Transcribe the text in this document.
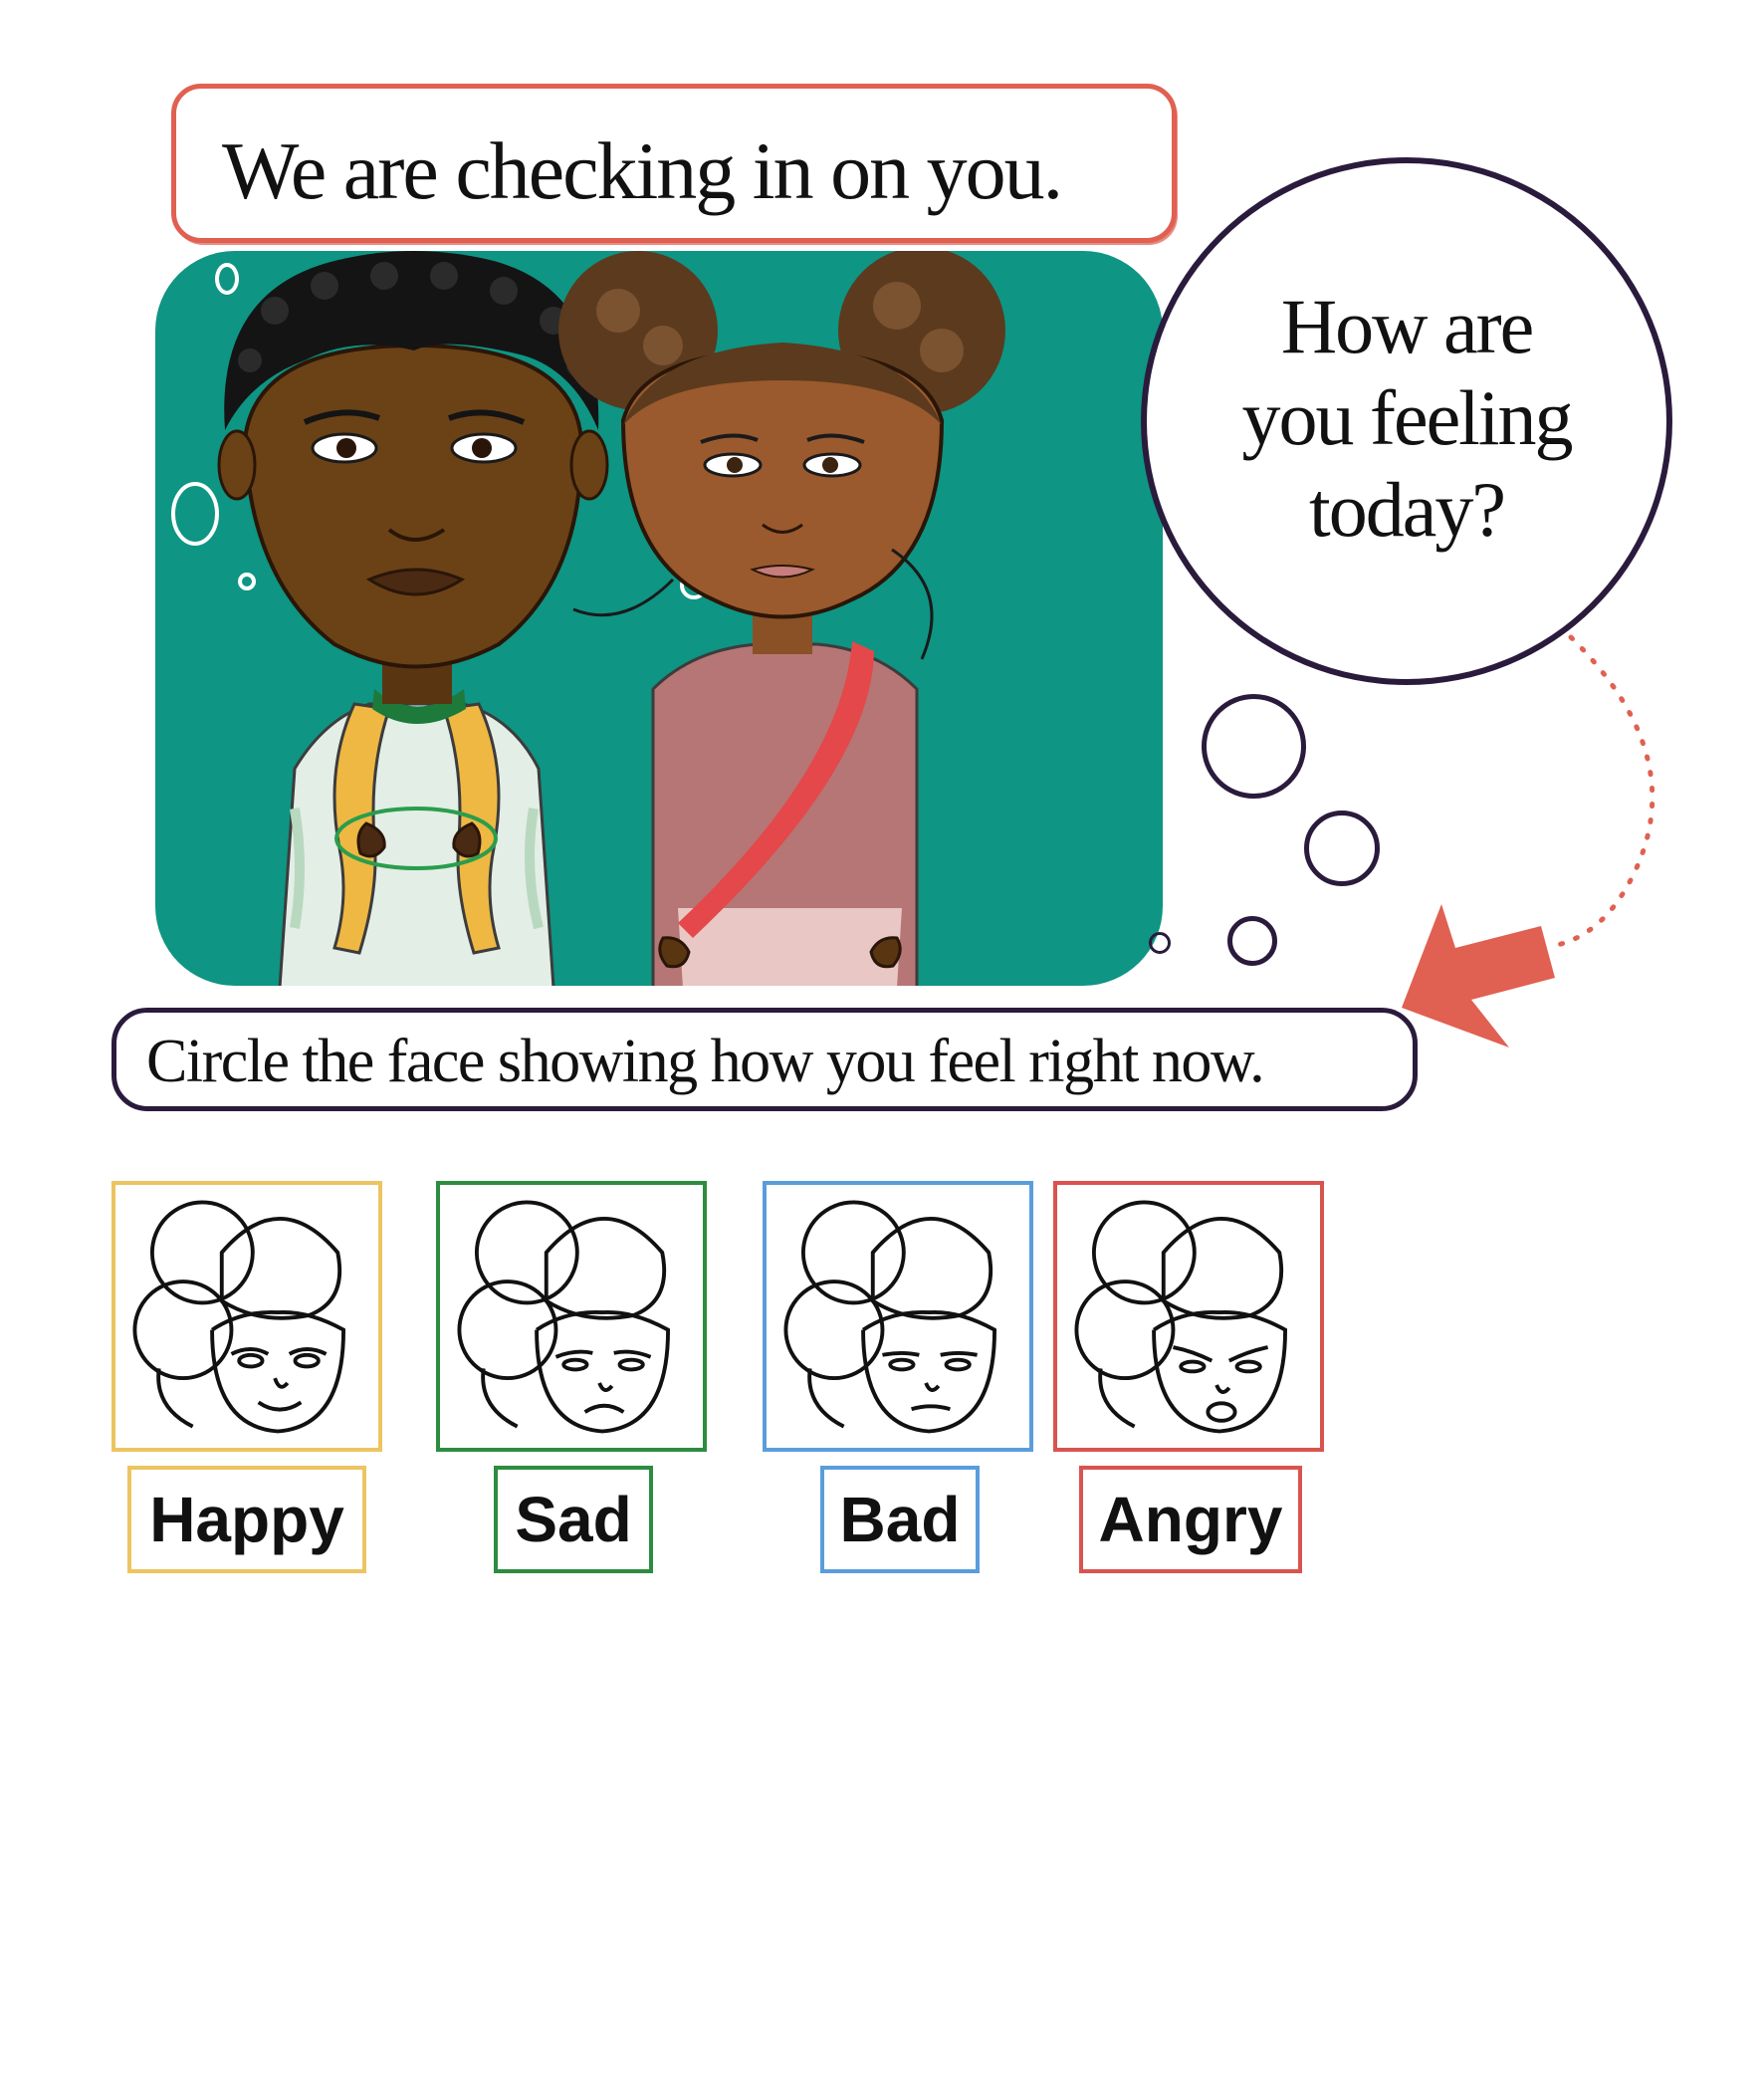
We are checking in on you.
How are
you feeling
today?
Circle the face showing how you feel right now.
Happy	Sad	Bad Angry
